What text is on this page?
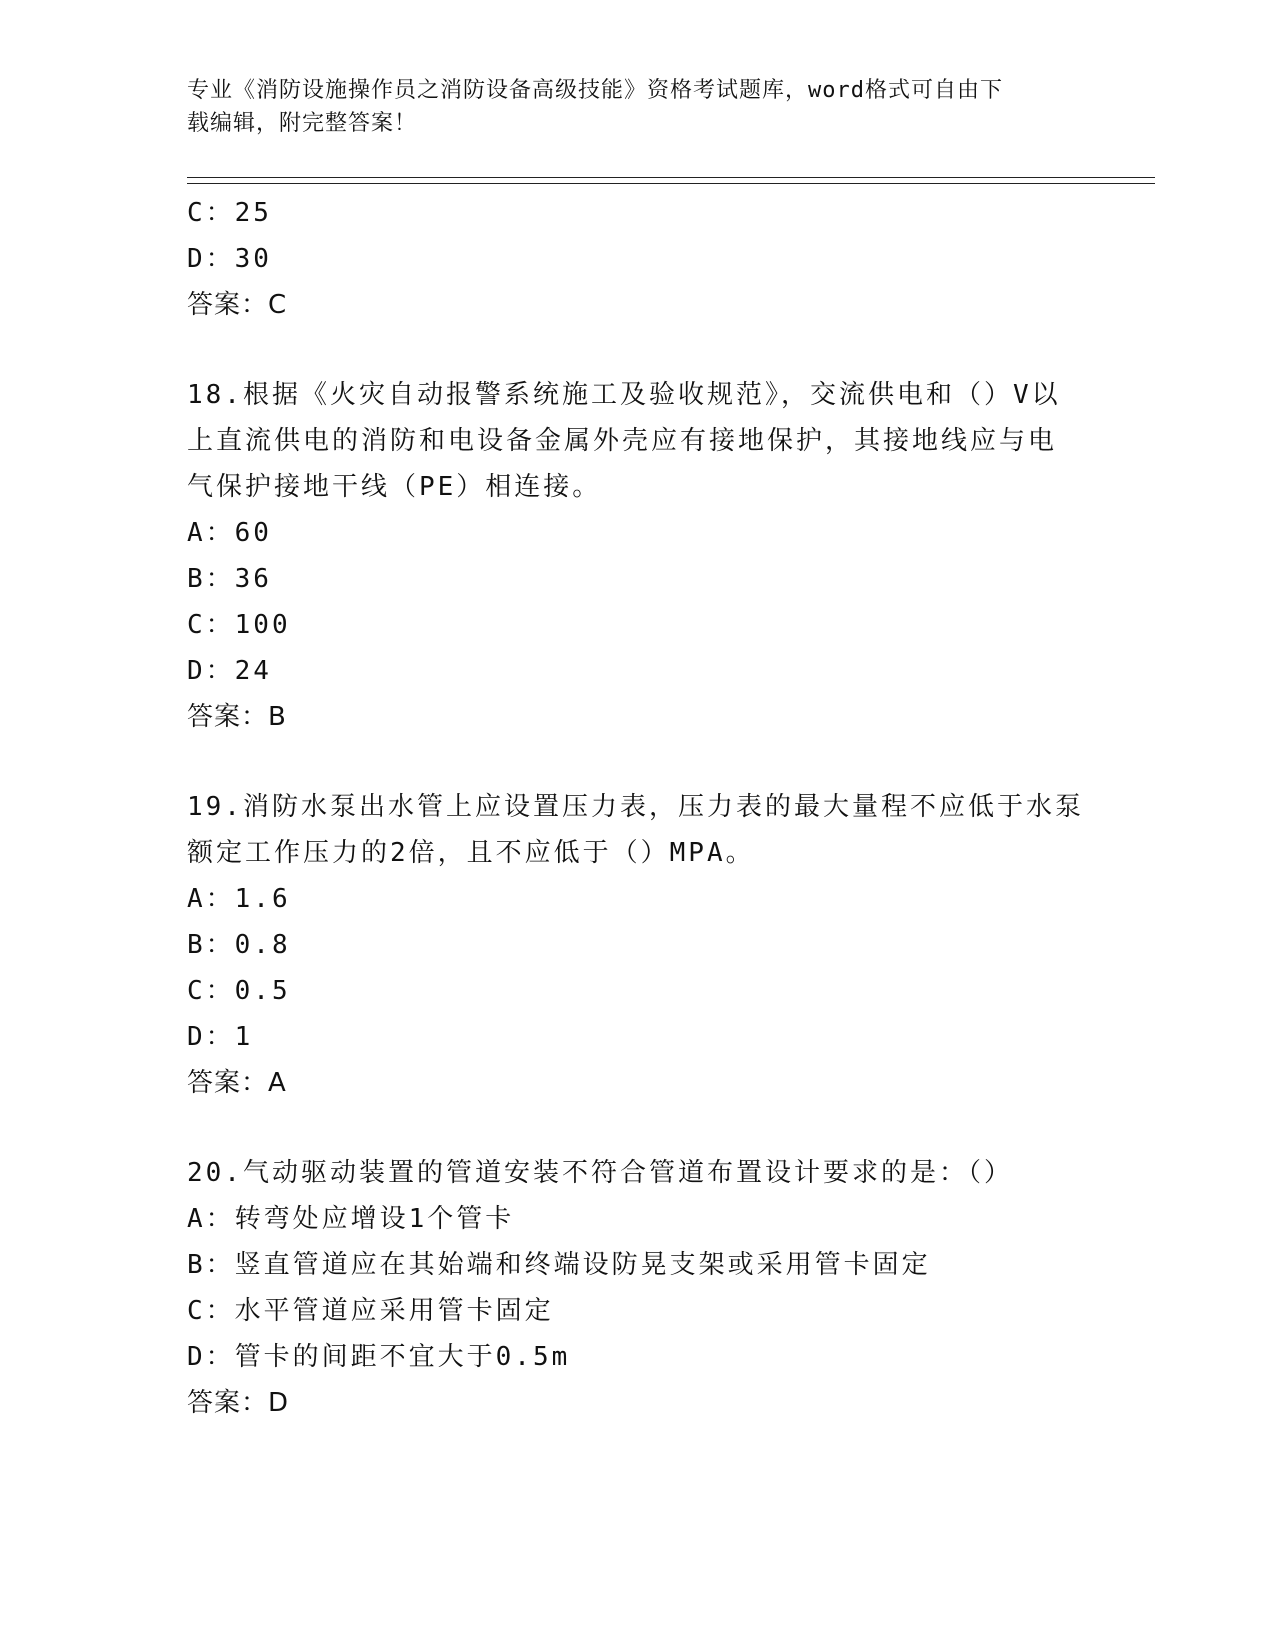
专业《消防设施操作员之消防设备高级技能》资格考试题库，word格式可自由下
载编辑，附完整答案！
C：25
D：30
答案：C
18.根据《火灾自动报警系统施工及验收规范》，交流供电和（）V以
上直流供电的消防和电设备金属外壳应有接地保护，其接地线应与电
气保护接地干线（PE）相连接。
A：60
B：36
C：100
D：24
答案：B
19.消防水泵出水管上应设置压力表，压力表的最大量程不应低于水泵
额定工作压力的2倍，且不应低于（）MPA。
A：1.6
B：0.8
C：0.5
D：1
答案：A
20.气动驱动装置的管道安装不符合管道布置设计要求的是：（）
A：转弯处应增设1个管卡
B：竖直管道应在其始端和终端设防晃支架或采用管卡固定
C：水平管道应采用管卡固定
D：管卡的间距不宜大于0.5m
答案：D
